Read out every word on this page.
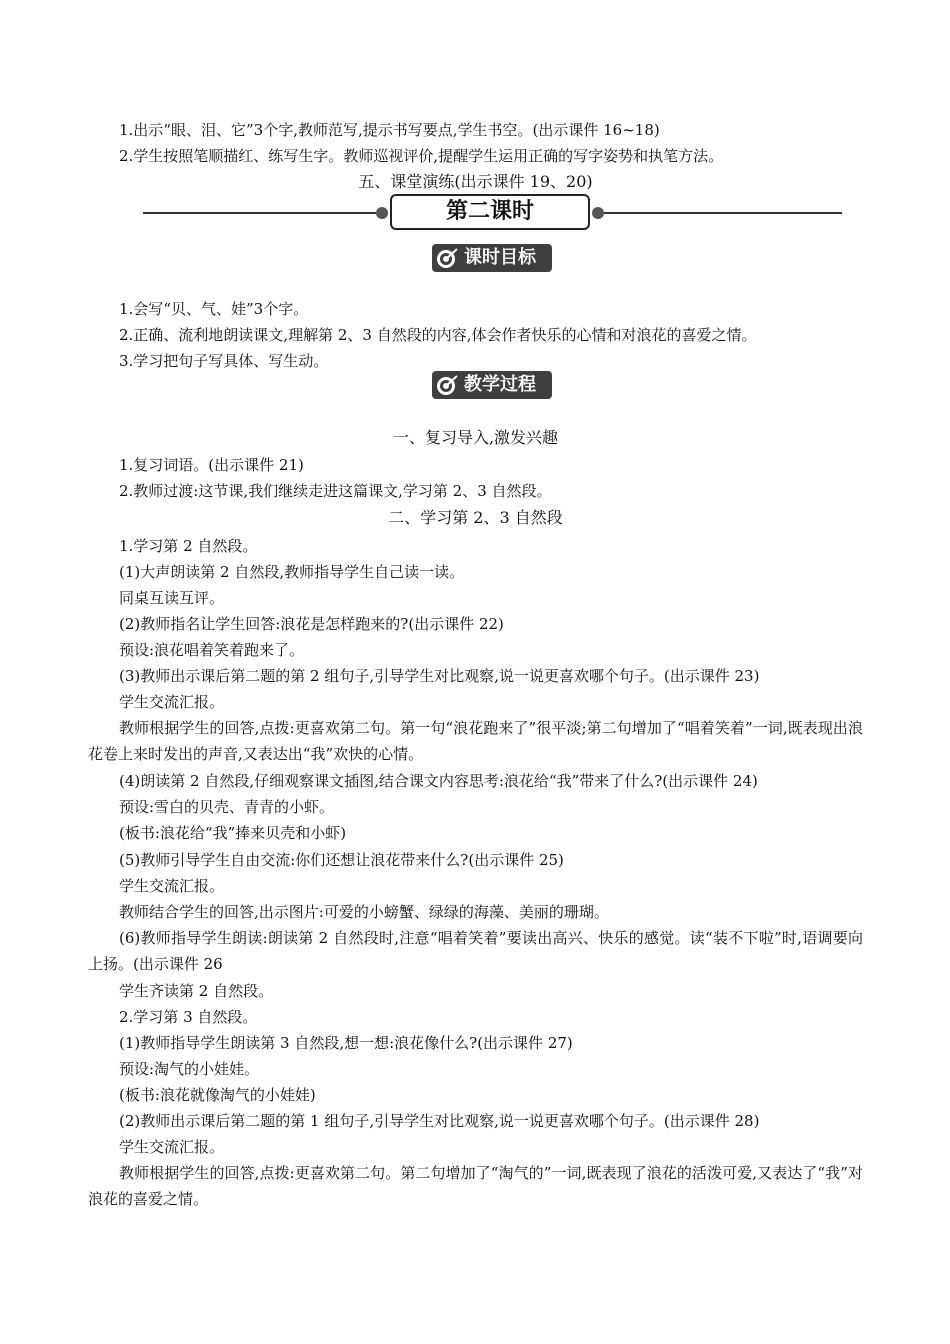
1.出示“眼、泪、它”3个字,教师范写,提示书写要点,学生书空。(出示课件 16~18)
2.学生按照笔顺描红、练写生字。教师巡视评价,提醒学生运用正确的写字姿势和执笔方法。
五、课堂演练(出示课件 19、20)
第二课时
课时目标
1.会写“贝、气、娃”3个字。
2.正确、流利地朗读课文,理解第 2、3 自然段的内容,体会作者快乐的心情和对浪花的喜爱之情。
3.学习把句子写具体、写生动。
教学过程
一、复习导入,激发兴趣
1.复习词语。(出示课件 21)
2.教师过渡:这节课,我们继续走进这篇课文,学习第 2、3 自然段。
二、学习第 2、3 自然段
1.学习第 2 自然段。
(1)大声朗读第 2 自然段,教师指导学生自己读一读。
同桌互读互评。
(2)教师指名让学生回答:浪花是怎样跑来的?(出示课件 22)
预设:浪花唱着笑着跑来了。
(3)教师出示课后第二题的第 2 组句子,引导学生对比观察,说一说更喜欢哪个句子。(出示课件 23)
学生交流汇报。
教师根据学生的回答,点拨:更喜欢第二句。第一句“浪花跑来了”很平淡;第二句增加了“唱着笑着”一词,既表现出浪花卷上来时发出的声音,又表达出“我”欢快的心情。
(4)朗读第 2 自然段,仔细观察课文插图,结合课文内容思考:浪花给“我”带来了什么?(出示课件 24)
预设:雪白的贝壳、青青的小虾。
(板书:浪花给“我”捧来贝壳和小虾)
(5)教师引导学生自由交流:你们还想让浪花带来什么?(出示课件 25)
学生交流汇报。
教师结合学生的回答,出示图片:可爱的小螃蟹、绿绿的海藻、美丽的珊瑚。
(6)教师指导学生朗读:朗读第 2 自然段时,注意“唱着笑着”要读出高兴、快乐的感觉。读“装不下啦”时,语调要向上扬。(出示课件 26
学生齐读第 2 自然段。
2.学习第 3 自然段。
(1)教师指导学生朗读第 3 自然段,想一想:浪花像什么?(出示课件 27)
预设:淘气的小娃娃。
(板书:浪花就像淘气的小娃娃)
(2)教师出示课后第二题的第 1 组句子,引导学生对比观察,说一说更喜欢哪个句子。(出示课件 28)
学生交流汇报。
教师根据学生的回答,点拨:更喜欢第二句。第二句增加了“淘气的”一词,既表现了浪花的活泼可爱,又表达了“我”对浪花的喜爱之情。
